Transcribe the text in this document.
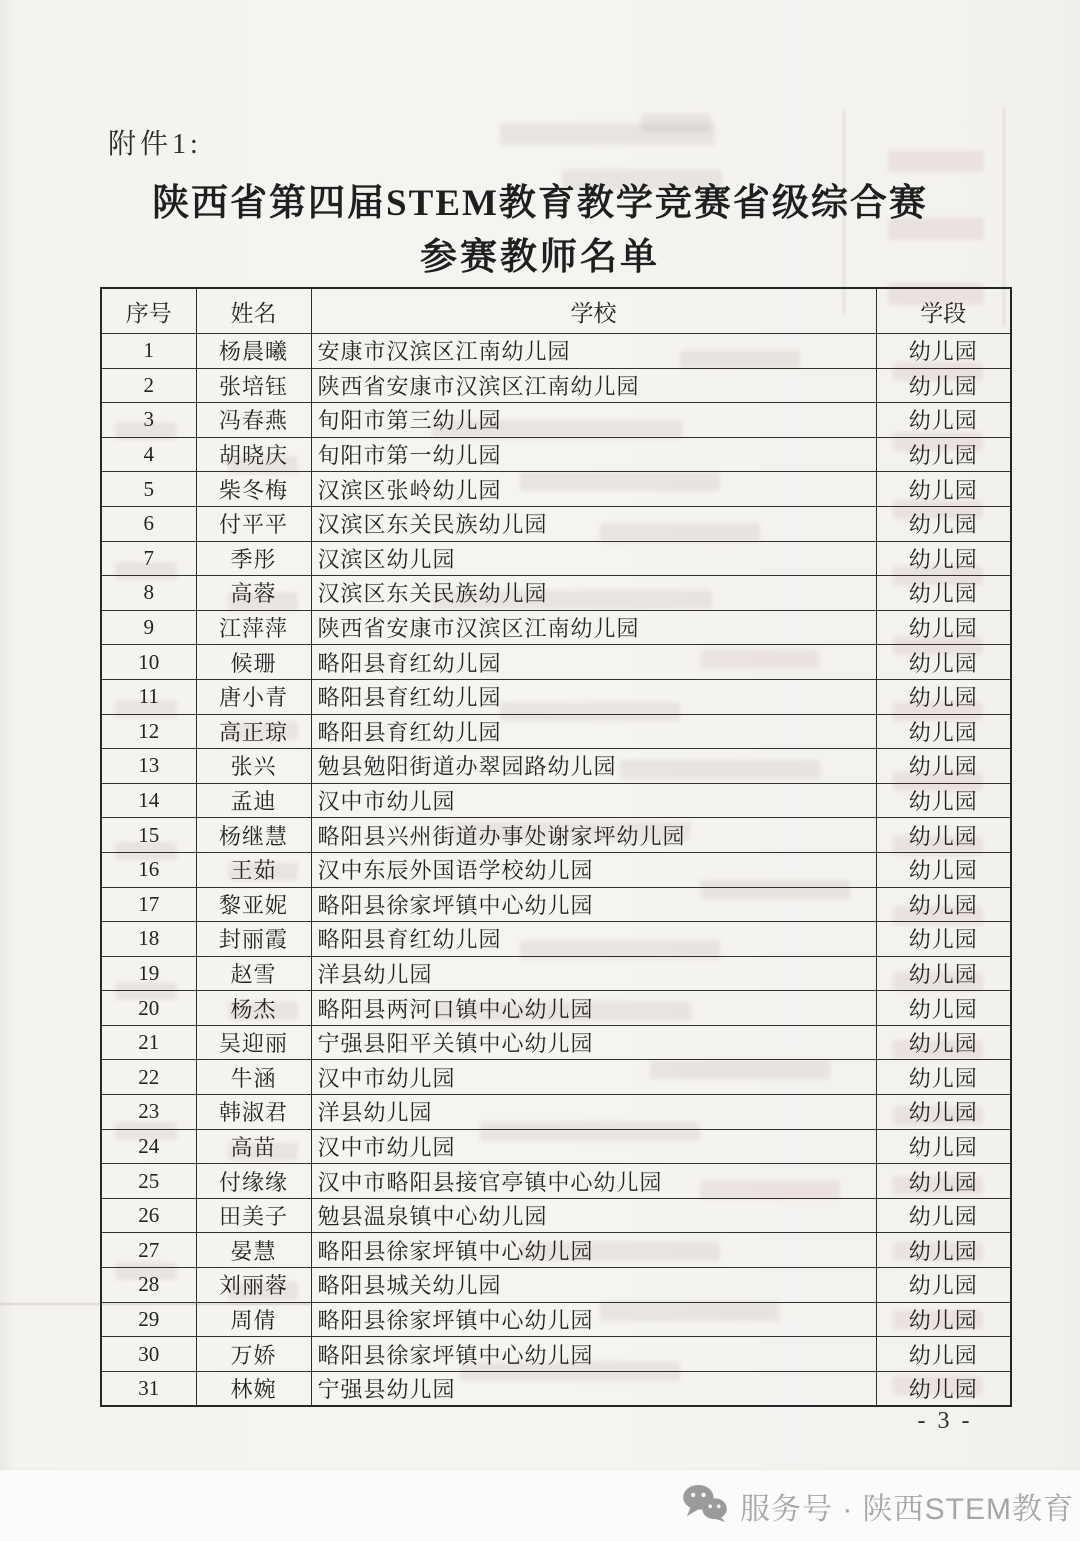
附件1:
陕西省第四届STEM教育教学竞赛省级综合赛
参赛教师名单
序号	姓名	学校	学段
1	杨晨曦	安康市汉滨区江南幼儿园	幼儿园
2	张培钰	陕西省安康市汉滨区江南幼儿园	幼儿园
3	冯春燕	旬阳市第三幼儿园	幼儿园
4	胡晓庆	旬阳市第一幼儿园	幼儿园
5	柴冬梅	汉滨区张岭幼儿园	幼儿园
6	付平平	汉滨区东关民族幼儿园	幼儿园
7	季彤	汉滨区幼儿园	幼儿园
8	高蓉	汉滨区东关民族幼儿园	幼儿园
9	江萍萍	陕西省安康市汉滨区江南幼儿园	幼儿园
10	候珊	略阳县育红幼儿园	幼儿园
11	唐小青	略阳县育红幼儿园	幼儿园
12	高正琼	略阳县育红幼儿园	幼儿园
13	张兴	勉县勉阳街道办翠园路幼儿园	幼儿园
14	孟迪	汉中市幼儿园	幼儿园
15	杨继慧	略阳县兴州街道办事处谢家坪幼儿园	幼儿园
16	王茹	汉中东辰外国语学校幼儿园	幼儿园
17	黎亚妮	略阳县徐家坪镇中心幼儿园	幼儿园
18	封丽霞	略阳县育红幼儿园	幼儿园
19	赵雪	洋县幼儿园	幼儿园
20	杨杰	略阳县两河口镇中心幼儿园	幼儿园
21	吴迎丽	宁强县阳平关镇中心幼儿园	幼儿园
22	牛涵	汉中市幼儿园	幼儿园
23	韩淑君	洋县幼儿园	幼儿园
24	高苗	汉中市幼儿园	幼儿园
25	付缘缘	汉中市略阳县接官亭镇中心幼儿园	幼儿园
26	田美子	勉县温泉镇中心幼儿园	幼儿园
27	晏慧	略阳县徐家坪镇中心幼儿园	幼儿园
28	刘丽蓉	略阳县城关幼儿园	幼儿园
29	周倩	略阳县徐家坪镇中心幼儿园	幼儿园
30	万娇	略阳县徐家坪镇中心幼儿园	幼儿园
31	林婉	宁强县幼儿园	幼儿园
- 3 -
服务号 · 陕西STEM教育
